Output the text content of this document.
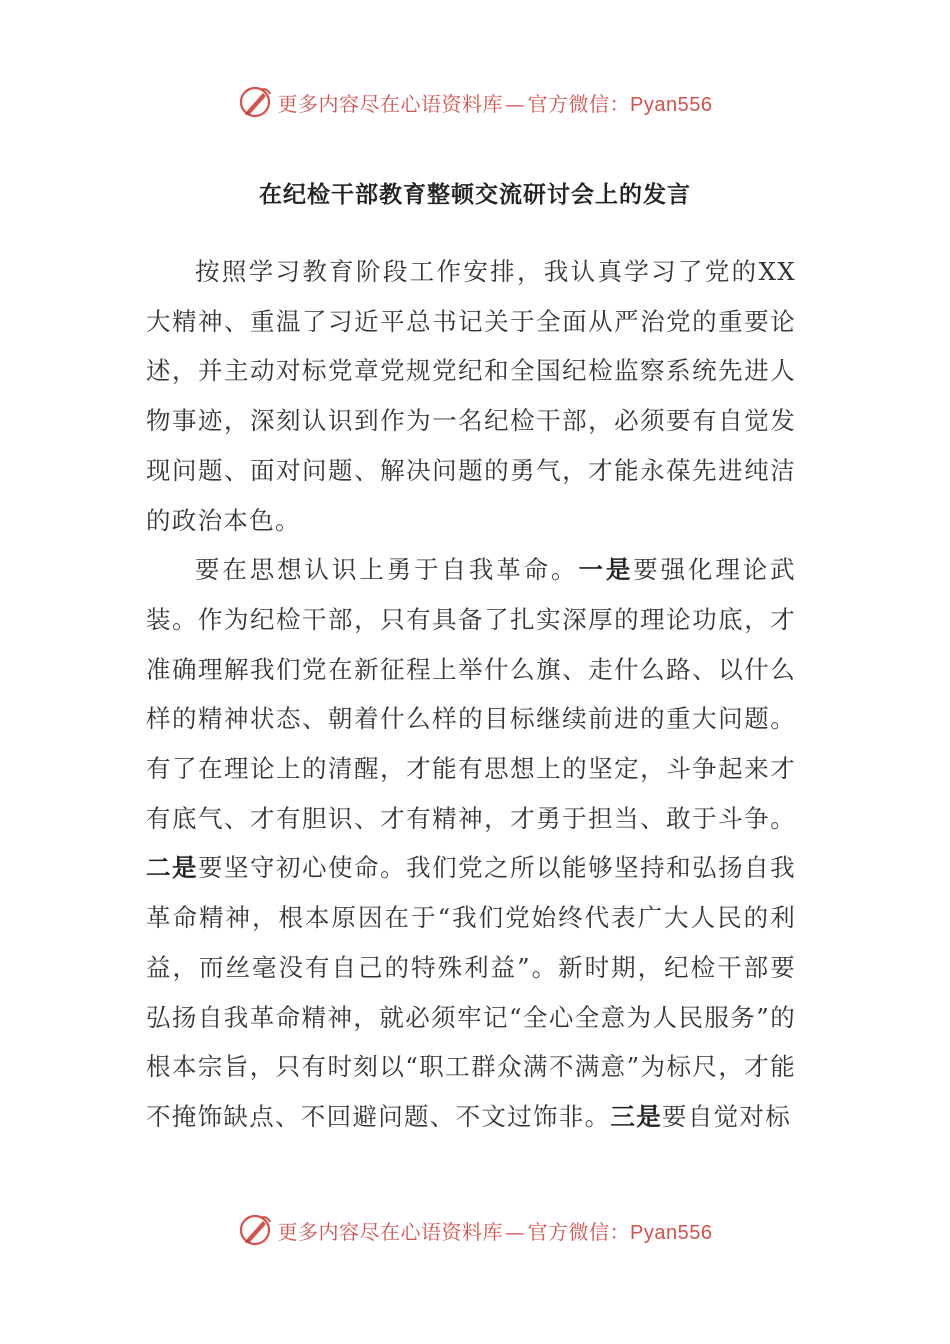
更多内容尽在心语资料库 — 官方微信：Pyan556
在纪检干部教育整顿交流研讨会上的发言

按照学习教育阶段工作安排，我认真学习了党的XX大精神、重温了习近平总书记关于全面从严治党的重要论述，并主动对标党章党规党纪和全国纪检监察系统先进人物事迹，深刻认识到作为一名纪检干部，必须要有自觉发现问题、面对问题、解决问题的勇气，才能永葆先进纯洁的政治本色。

要在思想认识上勇于自我革命。一是要强化理论武装。作为纪检干部，只有具备了扎实深厚的理论功底，才准确理解我们党在新征程上举什么旗、走什么路、以什么样的精神状态、朝着什么样的目标继续前进的重大问题。有了在理论上的清醒，才能有思想上的坚定，斗争起来才有底气、才有胆识、才有精神，才勇于担当、敢于斗争。二是要坚守初心使命。我们党之所以能够坚持和弘扬自我革命精神，根本原因在于“我们党始终代表广大人民的利益，而丝毫没有自己的特殊利益”。新时期，纪检干部要弘扬自我革命精神，就必须牢记“全心全意为人民服务”的根本宗旨，只有时刻以“职工群众满不满意”为标尺，才能不掩饰缺点、不回避问题、不文过饰非。三是要自觉对标

更多内容尽在心语资料库 — 官方微信：Pyan556
